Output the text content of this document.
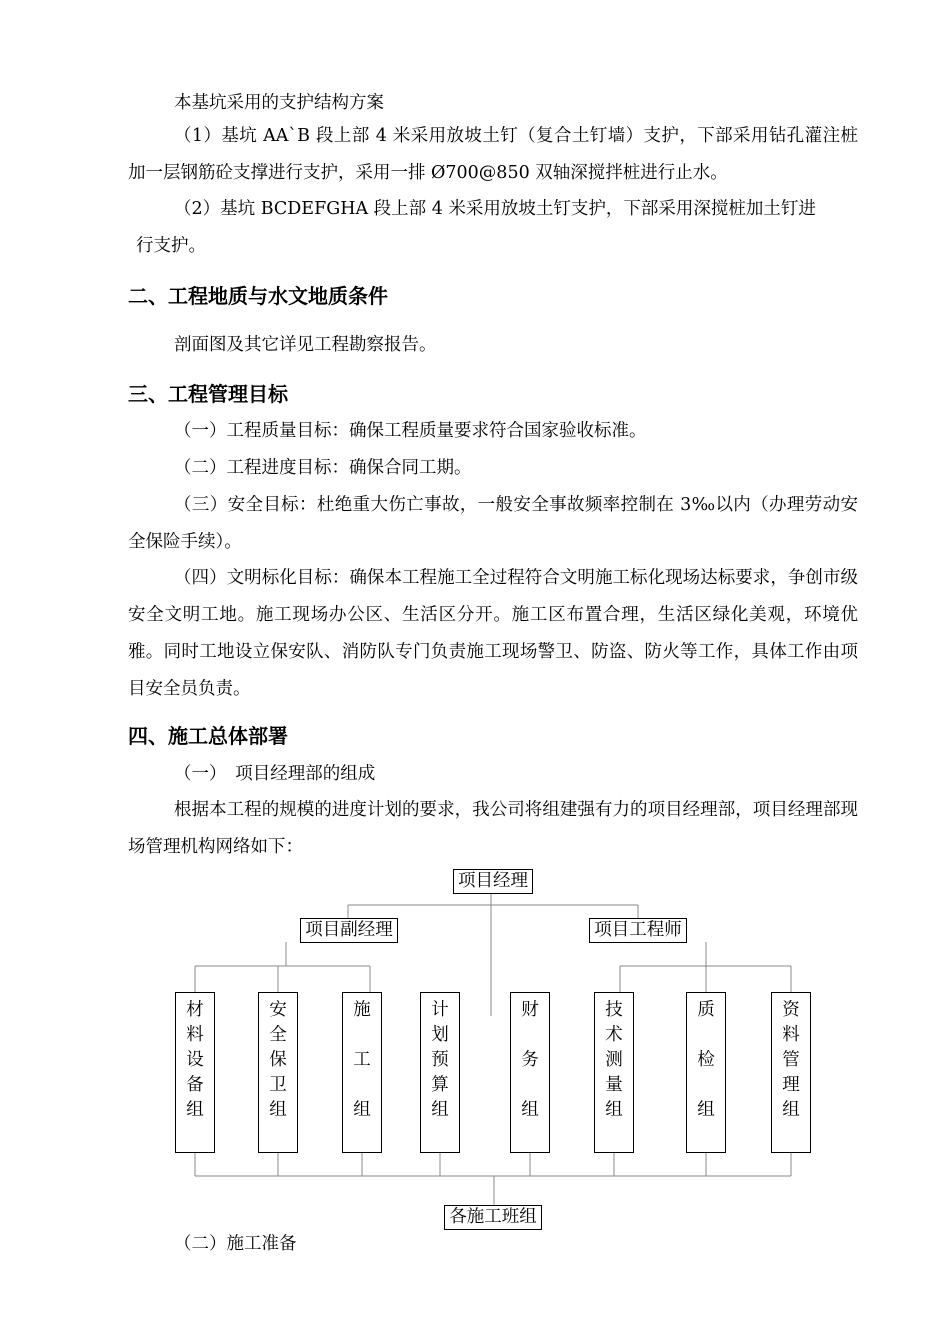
本基坑采用的支护结构方案

（1）基坑 AA`B 段上部 4 米采用放坡土钉（复合土钉墙）支护，下部采用钻孔灌注桩加一层钢筋砼支撑进行支护，采用一排 Ø700@850 双轴深搅拌桩进行止水。

（2）基坑 BCDEFGHA 段上部 4 米采用放坡土钉支护，下部采用深搅桩加土钉进

行支护。

二、工程地质与水文地质条件

剖面图及其它详见工程勘察报告。

三、工程管理目标

（一）工程质量目标：确保工程质量要求符合国家验收标准。

（二）工程进度目标：确保合同工期。

（三）安全目标：杜绝重大伤亡事故，一般安全事故频率控制在 3‰以内（办理劳动安全保险手续）。

（四）文明标化目标：确保本工程施工全过程符合文明施工标化现场达标要求，争创市级安全文明工地。施工现场办公区、生活区分开。施工区布置合理，生活区绿化美观，环境优雅。同时工地设立保安队、消防队专门负责施工现场警卫、防盗、防火等工作，具体工作由项目安全员负责。

四、施工总体部署

（一）　项目经理部的组成

根据本工程的规模的进度计划的要求，我公司将组建强有力的项目经理部，项目经理部现场管理机构网络如下：

项目经理
项目副经理	项目工程师
各施工班组
材
料
设
备
组
安
全
保
卫
组
施
工
组
计
划
预
算
组
财
务
组
技
术
测
量
组
质
检
组
资
料
管
理
组

（二）施工准备
